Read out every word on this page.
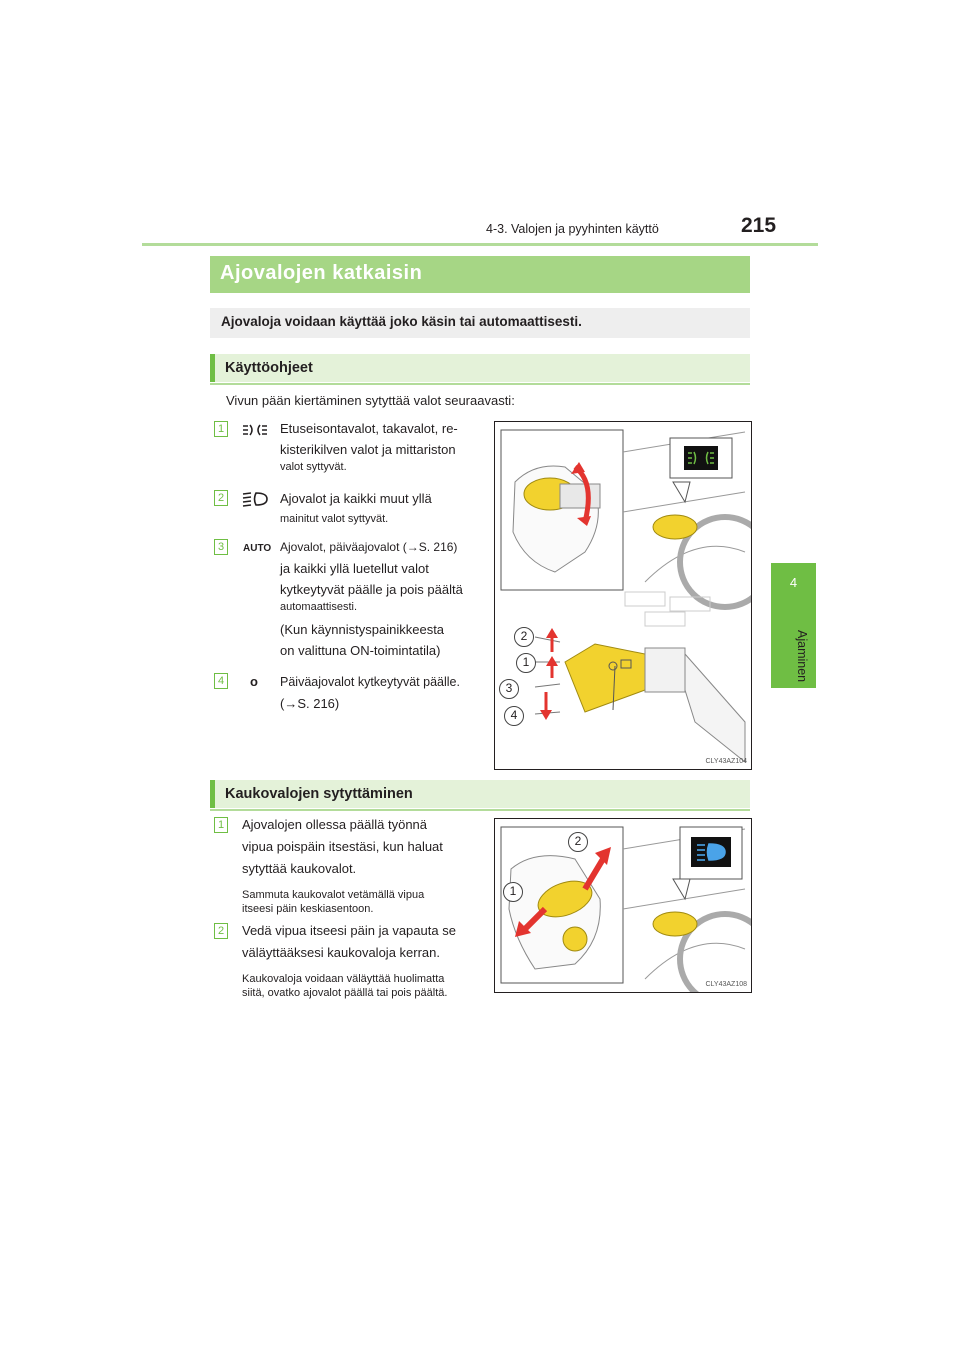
4-3. Valojen ja pyyhinten käyttö	215
4
Ajaminen
Ajovalojen katkaisin
Ajovaloja voidaan käyttää joko käsin tai automaattisesti.
Käyttöohjeet
Vivun pään kiertäminen sytyttää valot seuraavasti:
1	Etuseisontavalot, takavalot, re-
kisterikilven valot ja mittariston
valot syttyvät.
2	Ajovalot ja kaikki muut yllä
mainitut valot syttyvät.
3	AUTO Ajovalot, päiväajovalot (→S. 216)
ja kaikki yllä luetellut valot
kytkeytyvät päälle ja pois päältä
automaattisesti.
(Kun käynnistyspainikkeesta
on valittuna ON-toimintatila)
4	o Päiväajovalot kytkeytyvät päälle.
(→S. 216)
2
1
3
4
CLY43AZ104
Kaukovalojen sytyttäminen
1	Ajovalojen ollessa päällä työnnä
vipua poispäin itsestäsi, kun haluat
sytyttää kaukovalot.
Sammuta kaukovalot vetämällä vipua
itseesi päin keskiasentoon.
2	Vedä vipua itseesi päin ja vapauta se
väläyttääksesi kaukovaloja kerran.
Kaukovaloja voidaan väläyttää huolimatta
siitä, ovatko ajovalot päällä tai pois päältä.
2
1
CLY43AZ108
